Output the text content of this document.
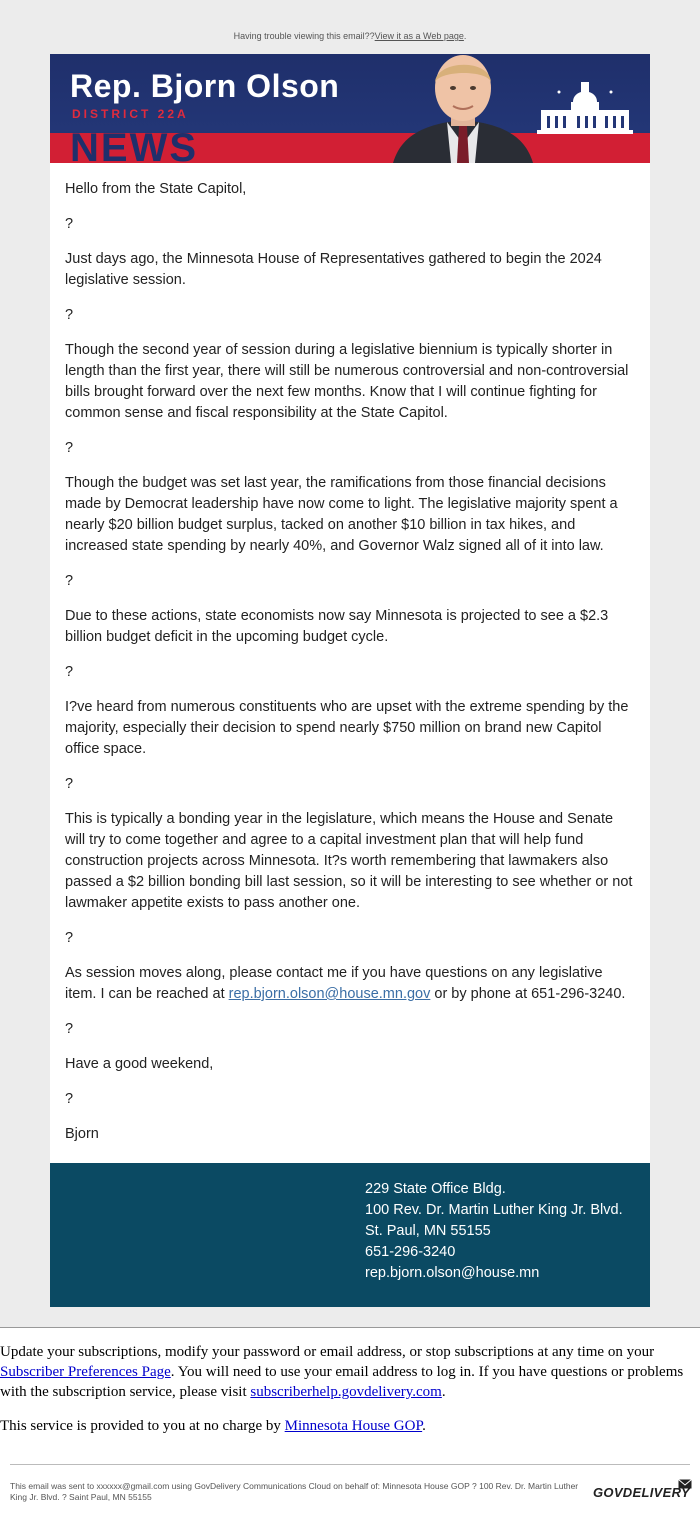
Having trouble viewing this email??View it as a Web page.
Rep. Bjorn Olson
DISTRICT 22A
NEWS

Hello from the State Capitol,

?

Just days ago, the Minnesota House of Representatives gathered to begin the 2024 legislative session.

?

Though the second year of session during a legislative biennium is typically shorter in length than the first year, there will still be numerous controversial and non-controversial bills brought forward over the next few months. Know that I will continue fighting for common sense and fiscal responsibility at the State Capitol.

?

Though the budget was set last year, the ramifications from those financial decisions made by Democrat leadership have now come to light. The legislative majority spent a nearly $20 billion budget surplus, tacked on another $10 billion in tax hikes, and increased state spending by nearly 40%, and Governor Walz signed all of it into law.

?

Due to these actions, state economists now say Minnesota is projected to see a $2.3 billion budget deficit in the upcoming budget cycle.

?

I?ve heard from numerous constituents who are upset with the extreme spending by the majority, especially their decision to spend nearly $750 million on brand new Capitol office space.

?

This is typically a bonding year in the legislature, which means the House and Senate will try to come together and agree to a capital investment plan that will help fund construction projects across Minnesota. It?s worth remembering that lawmakers also passed a $2 billion bonding bill last session, so it will be interesting to see whether or not lawmaker appetite exists to pass another one.

?

As session moves along, please contact me if you have questions on any legislative item. I can be reached at rep.bjorn.olson@house.mn.gov or by phone at 651-296-3240.

?

Have a good weekend,

?

Bjorn

229 State Office Bldg.
100 Rev. Dr. Martin Luther King Jr. Blvd.
St. Paul, MN 55155
651-296-3240
rep.bjorn.olson@house.mn

Update your subscriptions, modify your password or email address, or stop subscriptions at any time on your Subscriber Preferences Page. You will need to use your email address to log in. If you have questions or problems with the subscription service, please visit subscriberhelp.govdelivery.com.

This service is provided to you at no charge by Minnesota House GOP.

This email was sent to xxxxxx@gmail.com using GovDelivery Communications Cloud on behalf of: Minnesota House GOP ? 100 Rev. Dr. Martin Luther King Jr. Blvd. ? Saint Paul, MN 55155	GOVDELIVERY
